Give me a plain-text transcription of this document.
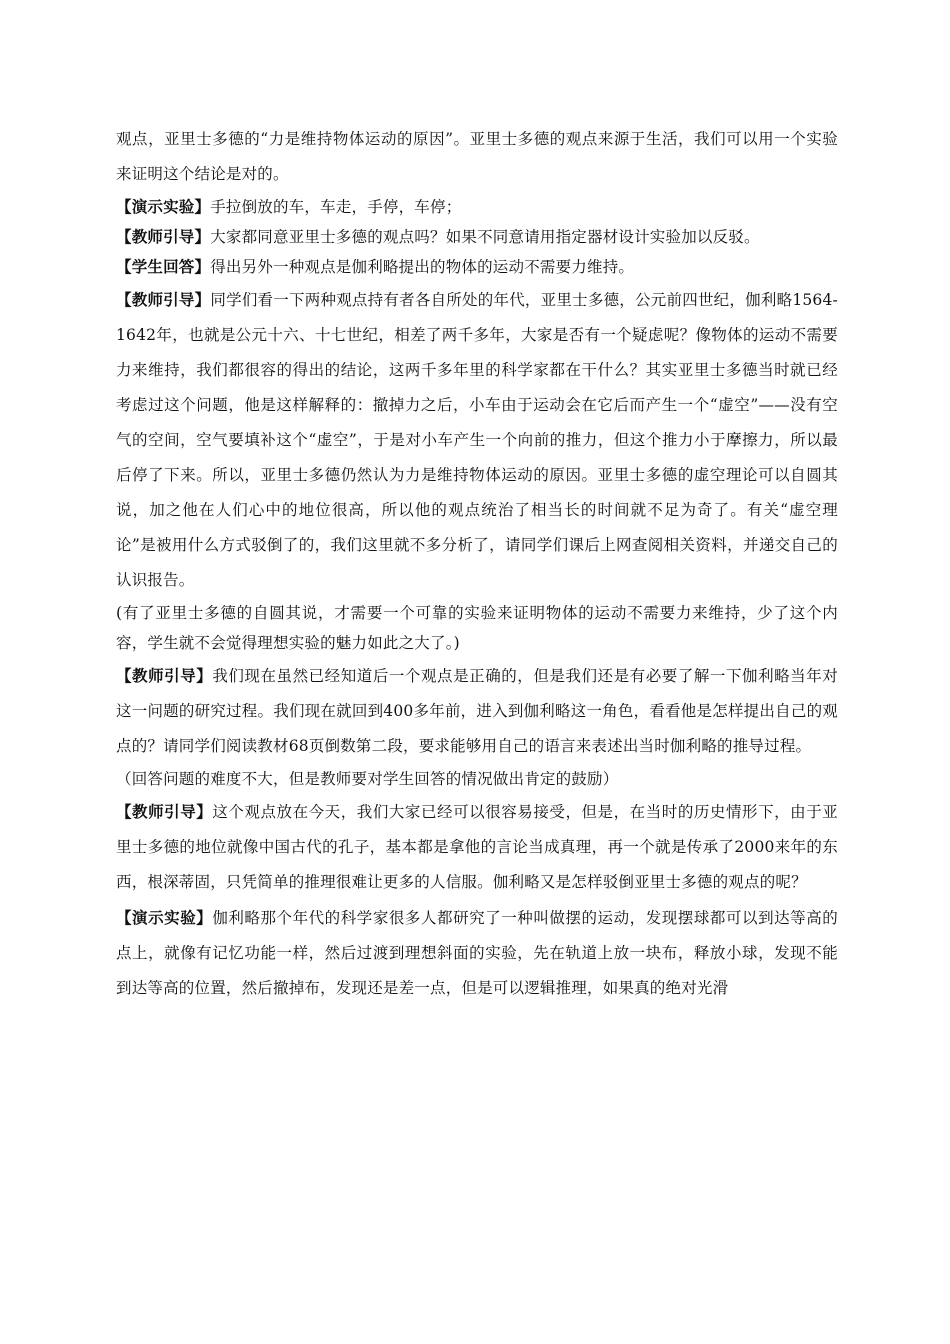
观点，亚里士多德的“力是维持物体运动的原因”。亚里士多德的观点来源于生活，我们可以用一个实验来证明这个结论是对的。

【演示实验】手拉倒放的车，车走，手停，车停；

【教师引导】大家都同意亚里士多德的观点吗？如果不同意请用指定器材设计实验加以反驳。

【学生回答】得出另外一种观点是伽利略提出的物体的运动不需要力维持。

【教师引导】同学们看一下两种观点持有者各自所处的年代，亚里士多德，公元前四世纪，伽利略1564-1642年，也就是公元十六、十七世纪，相差了两千多年，大家是否有一个疑虑呢？像物体的运动不需要力来维持，我们都很容的得出的结论，这两千多年里的科学家都在干什么？其实亚里士多德当时就已经考虑过这个问题，他是这样解释的：撤掉力之后，小车由于运动会在它后而产生一个“虚空”——没有空气的空间，空气要填补这个“虚空”，于是对小车产生一个向前的推力，但这个推力小于摩擦力，所以最后停了下来。所以，亚里士多德仍然认为力是维持物体运动的原因。亚里士多德的虚空理论可以自圆其说，加之他在人们心中的地位很高，所以他的观点统治了相当长的时间就不足为奇了。有关“虚空理论”是被用什么方式驳倒了的，我们这里就不多分析了，请同学们课后上网查阅相关资料，并递交自己的认识报告。

(有了亚里士多德的自圆其说，才需要一个可靠的实验来证明物体的运动不需要力来维持，少了这个内容，学生就不会觉得理想实验的魅力如此之大了。)

【教师引导】我们现在虽然已经知道后一个观点是正确的，但是我们还是有必要了解一下伽利略当年对这一问题的研究过程。我们现在就回到400多年前，进入到伽利略这一角色，看看他是怎样提出自己的观点的？请同学们阅读教材68页倒数第二段，要求能够用自己的语言来表述出当时伽利略的推导过程。

（回答问题的难度不大，但是教师要对学生回答的情况做出肯定的鼓励）

【教师引导】这个观点放在今天，我们大家已经可以很容易接受，但是，在当时的历史情形下，由于亚里士多德的地位就像中国古代的孔子，基本都是拿他的言论当成真理，再一个就是传承了2000来年的东西，根深蒂固，只凭简单的推理很难让更多的人信服。伽利略又是怎样驳倒亚里士多德的观点的呢？

【演示实验】伽利略那个年代的科学家很多人都研究了一种叫做摆的运动，发现摆球都可以到达等高的点上，就像有记忆功能一样，然后过渡到理想斜面的实验，先在轨道上放一块布，释放小球，发现不能到达等高的位置，然后撤掉布，发现还是差一点，但是可以逻辑推理，如果真的绝对光滑
